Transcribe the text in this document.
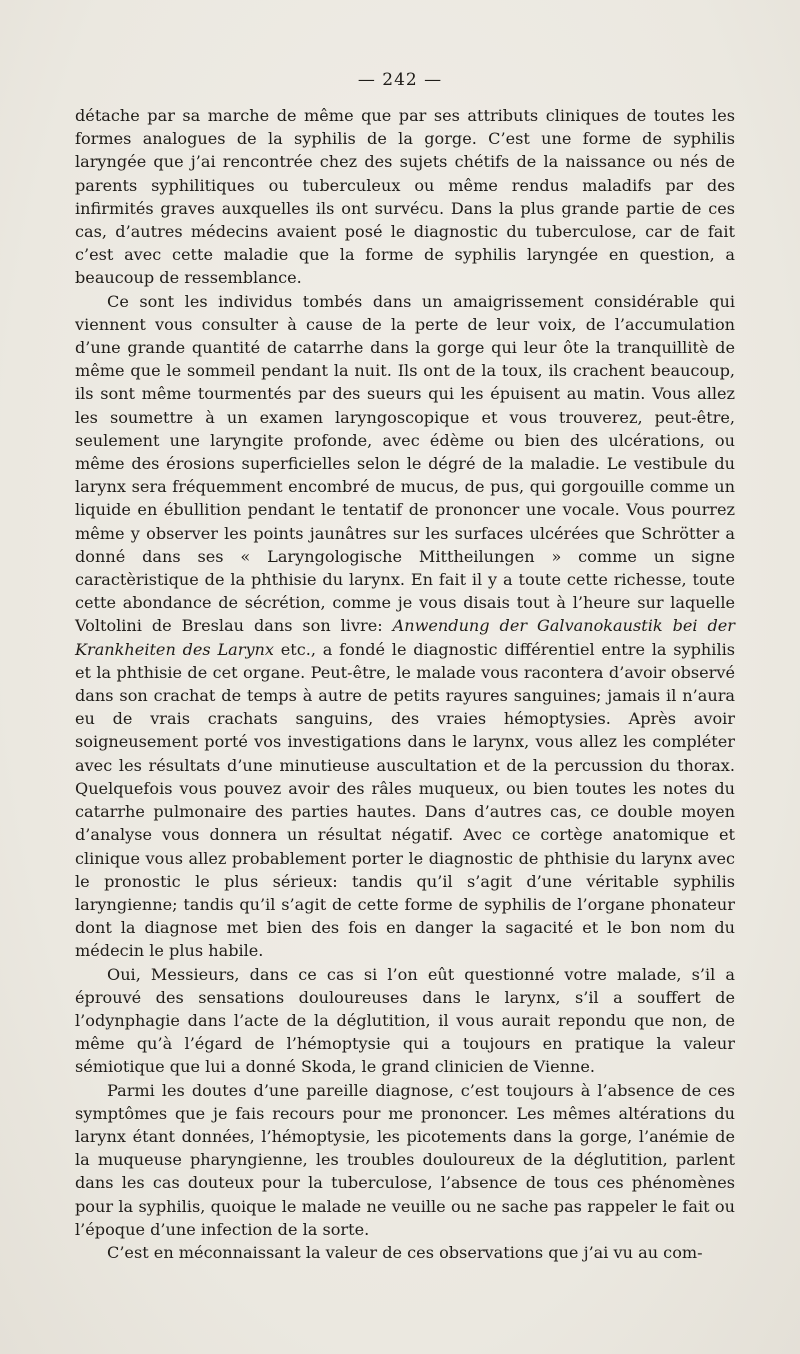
— 242 —

détache par sa marche de même que par ses attributs cliniques de toutes les formes analogues de la syphilis de la gorge. C’est une forme de syphilis laryngée que j’ai rencontrée chez des sujets chétifs de la naissance ou nés de parents syphilitiques ou tuberculeux ou même rendus maladifs par des infirmités graves auxquelles ils ont survécu. Dans la plus grande partie de ces cas, d’autres médecins avaient posé le diagnostic du tuberculose, car de fait c’est avec cette maladie que la forme de syphilis laryngée en question, a beaucoup de ressemblance.

Ce sont les individus tombés dans un amaigrissement considérable qui viennent vous consulter à cause de la perte de leur voix, de l’accumulation d’une grande quantité de catarrhe dans la gorge qui leur ôte la tranquillitè de même que le sommeil pendant la nuit. Ils ont de la toux, ils crachent beaucoup, ils sont même tourmentés par des sueurs qui les épuisent au matin. Vous allez les soumettre à un examen laryngoscopique et vous trouverez, peut-être, seulement une laryngite profonde, avec édème ou bien des ulcérations, ou même des érosions superficielles selon le dégré de la maladie. Le vestibule du larynx sera fréquemment encombré de mucus, de pus, qui gorgouille comme un liquide en ébullition pendant le tentatif de prononcer une vocale. Vous pourrez même y observer les points jaunâtres sur les surfaces ulcérées que Schrötter a donné dans ses « Laryngologische Mittheilungen » comme un signe caractèristique de la phthisie du larynx. En fait il y a toute cette richesse, toute cette abondance de sécrétion, comme je vous disais tout à l’heure sur laquelle Voltolini de Breslau dans son livre: Anwendung der Galvanokaustik bei der Krankheiten des Larynx etc., a fondé le diagnostic différentiel entre la syphilis et la phthisie de cet organe. Peut-être, le malade vous racontera d’avoir observé dans son crachat de temps à autre de petits rayures sanguines; jamais il n’aura eu de vrais crachats sanguins, des vraies hémoptysies. Après avoir soigneusement porté vos investigations dans le larynx, vous allez les compléter avec les résultats d’une minutieuse auscultation et de la percussion du thorax. Quelquefois vous pouvez avoir des râles muqueux, ou bien toutes les notes du catarrhe pulmonaire des parties hautes. Dans d’autres cas, ce double moyen d’analyse vous donnera un résultat négatif. Avec ce cortège anatomique et clinique vous allez probablement porter le diagnostic de phthisie du larynx avec le pronostic le plus sérieux: tandis qu’il s’agit d’une véritable syphilis laryngienne; tandis qu’il s’agit de cette forme de syphilis de l’organe phonateur dont la diagnose met bien des fois en danger la sagacité et le bon nom du médecin le plus habile.

Oui, Messieurs, dans ce cas si l’on eût questionné votre malade, s’il a éprouvé des sensations douloureuses dans le larynx, s’il a souffert de l’odynphagie dans l’acte de la déglutition, il vous aurait repondu que non, de même qu’à l’égard de l’hémoptysie qui a toujours en pratique la valeur sémiotique que lui a donné Skoda, le grand clinicien de Vienne.

Parmi les doutes d’une pareille diagnose, c’est toujours à l’absence de ces symptômes que je fais recours pour me prononcer. Les mêmes altérations du larynx étant données, l’hémoptysie, les picotements dans la gorge, l’anémie de la muqueuse pharyngienne, les troubles douloureux de la déglutition, parlent dans les cas douteux pour la tuberculose, l’absence de tous ces phénomènes pour la syphilis, quoique le malade ne veuille ou ne sache pas rappeler le fait ou l’époque d’une infection de la sorte.

C’est en méconnaissant la valeur de ces observations que j’ai vu au com-
